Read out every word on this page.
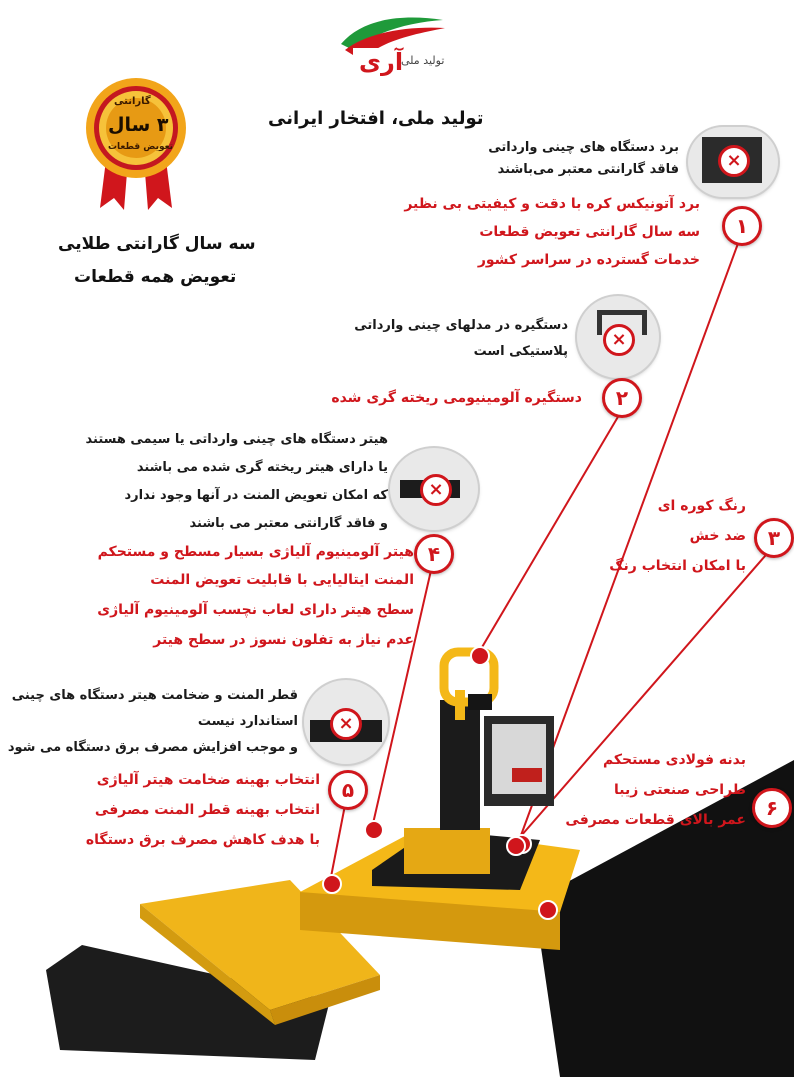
آری
تولید ملی
تولید ملی، افتخار ایرانی
گارانتی
۳ سال
تعویض قطعات
سه سال گارانتی طلایی
تعویض همه قطعات
×
برد دستگاه های چینی وارداتی
فاقد گارانتی معتبر می‌باشند
برد آتونیکس کره با دقت و کیفیتی بی نظیر
سه سال گارانتی تعویض قطعات
خدمات گسترده در سراسر کشور
۱
×
دستگیره در مدلهای چینی وارداتی
پلاستیکی است
دستگیره آلومینیومی ریخته گری شده	۲
رنگ کوره ای
ضد خش
با امکان انتخاب رنگ
۳
×
هیتر دستگاه های چینی وارداتی یا سیمی هستند
یا دارای هیتر ریخته گری شده می باشند
که امکان تعویض المنت در آنها وجود ندارد
و فاقد گارانتی معتبر می باشند
هیتر آلومینیوم آلیاژی بسیار مسطح و مستحکم
المنت ایتالیایی با قابلیت تعویض المنت
سطح هیتر دارای لعاب نچسب آلومینیوم آلیاژی
عدم نیاز به تفلون نسوز در سطح هیتر
۴
×
قطر المنت و ضخامت هیتر دستگاه های چینی
استاندارد نیست
و موجب افزایش مصرف برق دستگاه می شود
انتخاب بهینه ضخامت هیتر آلیاژی
انتخاب بهینه قطر المنت مصرفی
با هدف کاهش مصرف برق دستگاه
۵
بدنه فولادی مستحکم
طراحی صنعتی زیبا
عمر بالای قطعات مصرفی ۶
